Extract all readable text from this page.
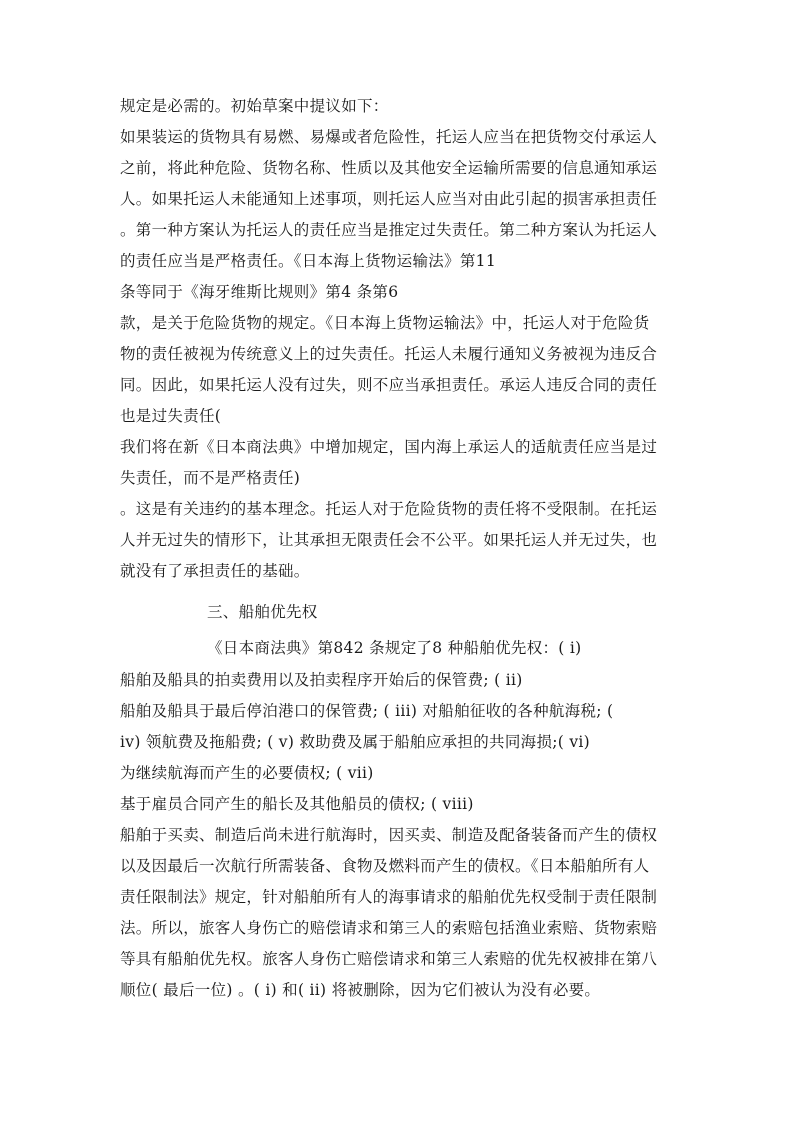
规定是必需的。初始草案中提议如下：
如果装运的货物具有易燃、易爆或者危险性，托运人应当在把货物交付承运人
之前，将此种危险、货物名称、性质以及其他安全运输所需要的信息通知承运
人。如果托运人未能通知上述事项，则托运人应当对由此引起的损害承担责任
。第一种方案认为托运人的责任应当是推定过失责任。第二种方案认为托运人
的责任应当是严格责任。《日本海上货物运输法》第11
条等同于《海牙维斯比规则》第4 条第6
款，是关于危险货物的规定。《日本海上货物运输法》中，托运人对于危险货
物的责任被视为传统意义上的过失责任。托运人未履行通知义务被视为违反合
同。因此，如果托运人没有过失，则不应当承担责任。承运人违反合同的责任
也是过失责任(
我们将在新《日本商法典》中增加规定，国内海上承运人的适航责任应当是过
失责任，而不是严格责任)
。这是有关违约的基本理念。托运人对于危险货物的责任将不受限制。在托运
人并无过失的情形下，让其承担无限责任会不公平。如果托运人并无过失，也
就没有了承担责任的基础。
三、船舶优先权
《日本商法典》第842 条规定了8 种船舶优先权：( i)
船舶及船具的拍卖费用以及拍卖程序开始后的保管费; ( ii)
船舶及船具于最后停泊港口的保管费; ( iii) 对船舶征收的各种航海税; (
iv) 领航费及拖船费; ( v) 救助费及属于船舶应承担的共同海损;( vi)
为继续航海而产生的必要债权; ( vii)
基于雇员合同产生的船长及其他船员的债权; ( viii)
船舶于买卖、制造后尚未进行航海时，因买卖、制造及配备装备而产生的债权
以及因最后一次航行所需装备、食物及燃料而产生的债权。《日本船舶所有人
责任限制法》规定，针对船舶所有人的海事请求的船舶优先权受制于责任限制
法。所以，旅客人身伤亡的赔偿请求和第三人的索赔包括渔业索赔、货物索赔
等具有船舶优先权。旅客人身伤亡赔偿请求和第三人索赔的优先权被排在第八
顺位( 最后一位) 。( i) 和( ii) 将被删除，因为它们被认为没有必要。
